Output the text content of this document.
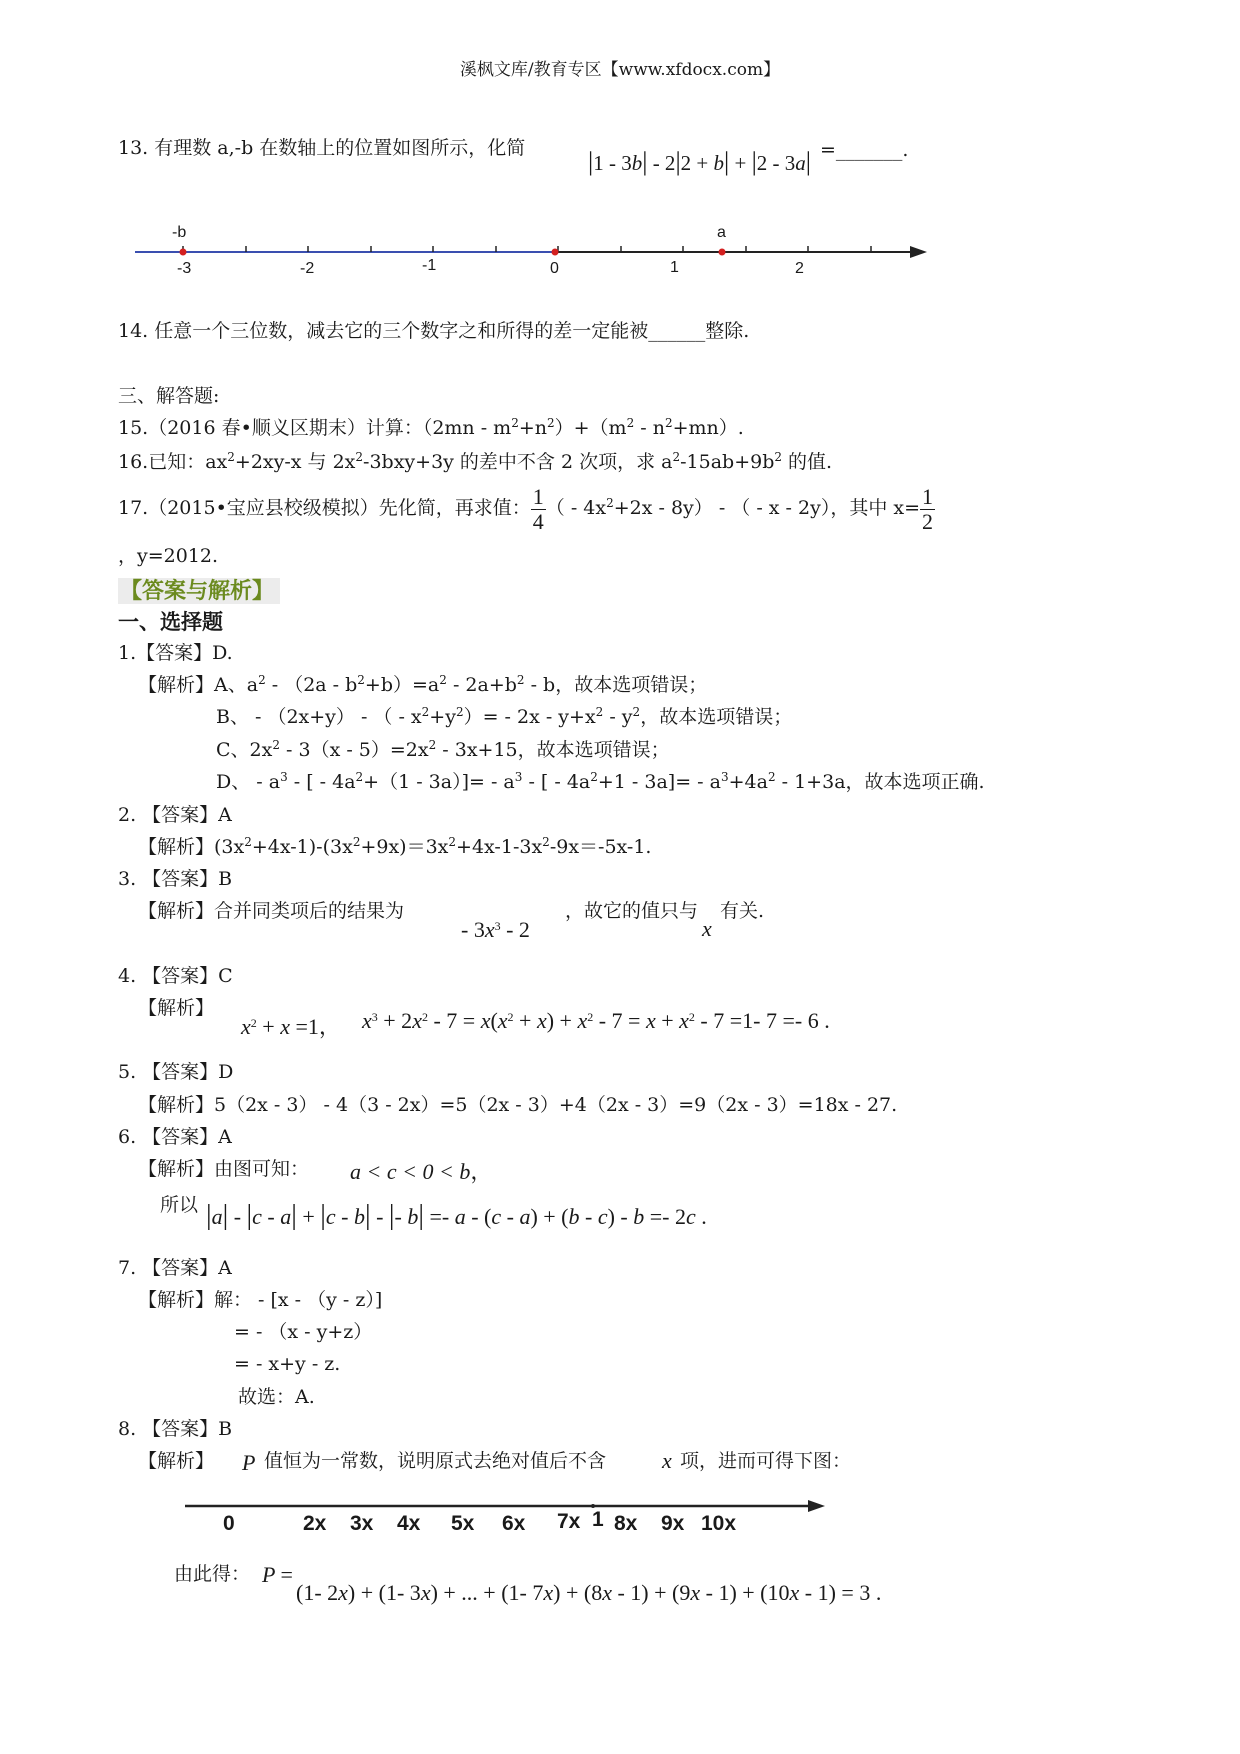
溪枫文库/教育专区【www.xfdocx.com】
13. 有理数 a,-b 在数轴上的位置如图所示，化简 |1 - 3b| - 2|2 + b| + |2 - 3a| =_______.
-b	a
-3	-2	-1	0	1	2
14. 任意一个三位数，减去它的三个数字之和所得的差一定能被______整除.
三、解答题:
15.（2016 春•顺义区期末）计算：$(2mn - m^2+n^2)+(m^2 - n^2+mn)$.
16.已知：$ax^2+2xy-x$ 与 $2x^2-3bxy+3y$ 的差中不含 2 次项，求 $a^2-15ab+9b^2$ 的值.
17.（2015•宝应县校级模拟）先化简，再求值： $\frac{1}{4}$ （ - $4x^2+2x - 8y$） - （ - x - 2y），其中 $x= \frac{1}{2}$
，y=2012.
【答案与解析】
一、选择题
1.【答案】D.
【解析】A、$a^2 - (2a - b^2+b)=a^2 - 2a+b^2 - b$，故本选项错误；
B、 - （2x+y） - （ - $x^2+y^2)= - 2x - y+x^2 - y^2$，故本选项错误；
C、$2x^2 - 3(x - 5)=2x^2 - 3x+15$，故本选项错误；
D、 - $a^3$ - [ - $4a^2+(1 - 3a)]= - a^3$ - [ - $4a^2+1 - 3a]= - a^3+4a^2 - 1+3a$，故本选项正确.
2. 【答案】A
【解析】$(3x^2+4x-1)-(3x^2+9x)=3x^2+4x-1-3x^2-9x=-5x-1$.
3. 【答案】B
【解析】合并同类项后的结果为
- $3x^3 - 2$
，故它的值只与
x
有关.
4. 【答案】C
【解析】
$x^2 + x =1$， $x^3 + 2x^2 - 7 = x(x^2 + x) + x^2 - 7 = x + x^2 - 7 =1-$ 7 =- 6 .
5. 【答案】D
【解析】5（2x - 3） - 4（3 - 2x）=5（2x - 3）+4（2x - 3）=9（2x - 3）=18x - 27.
6. 【答案】A
【解析】由图可知： a < c < 0 < b，
所以 |a| - |c - a| + |c - b| - |- b| =- a - (c - a) + (b - c) - b =- 2c .
7. 【答案】A
【解析】解： - [x - （y - z）]
= - （x - y+z）
= - x+y - z.
故选：A.
8. 【答案】B
【解析】 P 值恒为一常数，说明原式去绝对值后不含	x 项，进而可得下图：
0	2x 3x 4x 5x 6x 7x 1 8x 9x 10x
由此得： P =
(1- 2x) + (1- 3x) + ... + (1- 7x) + (8x - 1) + (9x - 1) + (10x - 1) = 3 .
